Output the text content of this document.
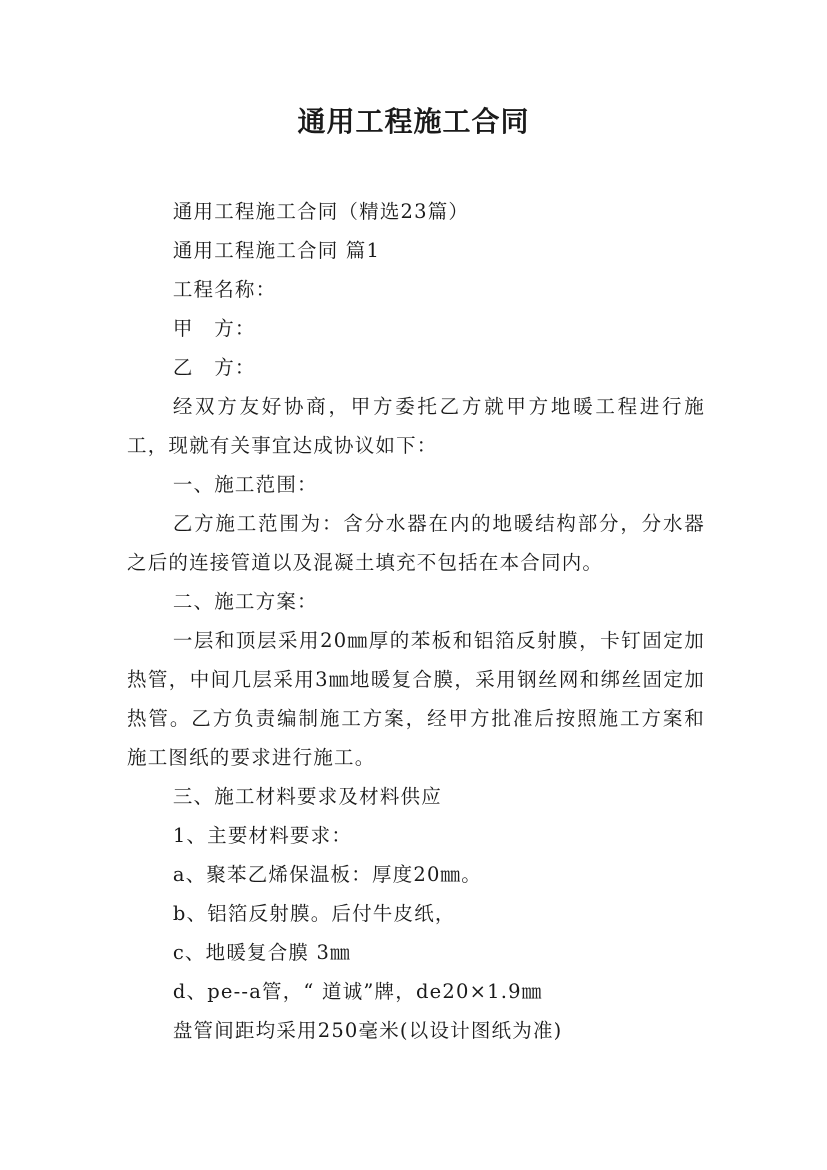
通用工程施工合同

通用工程施工合同（精选23篇）

通用工程施工合同 篇1

工程名称：

甲　方：

乙　方：

经双方友好协商，甲方委托乙方就甲方地暖工程进行施工，现就有关事宜达成协议如下：

一、施工范围：

乙方施工范围为：含分水器在内的地暖结构部分，分水器之后的连接管道以及混凝土填充不包括在本合同内。

二、施工方案：

一层和顶层采用20㎜厚的苯板和铝箔反射膜，卡钉固定加热管，中间几层采用3㎜地暖复合膜，采用钢丝网和绑丝固定加热管。乙方负责编制施工方案，经甲方批准后按照施工方案和施工图纸的要求进行施工。

三、施工材料要求及材料供应

1、主要材料要求：

a、聚苯乙烯保温板：厚度20㎜。

b、铝箔反射膜。后付牛皮纸，

c、地暖复合膜 3㎜

d、pe--a管，“ 道诚”牌，de20×1.9㎜

盘管间距均采用250毫米(以设计图纸为准)
